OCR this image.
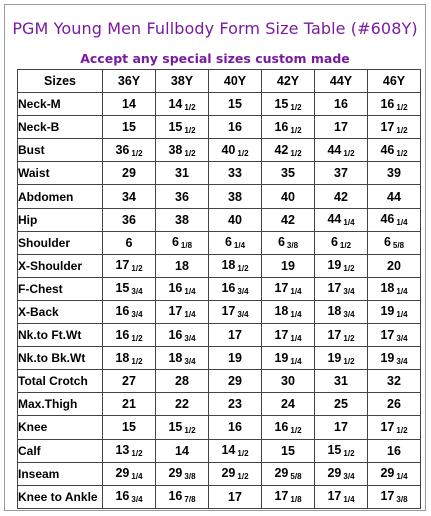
PGM Young Men Fullbody Form Size Table (#608Y)
Accept any special sizes custom made
Sizes	36Y	38Y	40Y	42Y	44Y	46Y
Neck-M	14	14 1/2	15	15 1/2	16	16 1/2
Neck-B	15	15 1/2	16	16 1/2	17	17 1/2
Bust	36 1/2	38 1/2	40 1/2	42 1/2	44 1/2	46 1/2
Waist	29	31	33	35	37	39
Abdomen	34	36	38	40	42	44
Hip	36	38	40	42	44 1/4	46 1/4
Shoulder	6	6 1/8	6 1/4	6 3/8	6 1/2	6 5/8
X-Shoulder	17 1/2	18	18 1/2	19	19 1/2	20
F-Chest	15 3/4	16 1/4	16 3/4	17 1/4	17 3/4	18 1/4
X-Back	16 3/4	17 1/4	17 3/4	18 1/4	18 3/4	19 1/4
Nk.to Ft.Wt	16 1/2	16 3/4	17	17 1/4	17 1/2	17 3/4
Nk.to Bk.Wt	18 1/2	18 3/4	19	19 1/4	19 1/2	19 3/4
Total Crotch	27	28	29	30	31	32
Max.Thigh	21	22	23	24	25	26
Knee	15	15 1/2	16	16 1/2	17	17 1/2
Calf	13 1/2	14	14 1/2	15	15 1/2	16
Inseam	29 1/4	29 3/8	29 1/2	29 5/8	29 3/4	29 1/4
Knee to Ankle	16 3/4	16 7/8	17	17 1/8	17 1/4	17 3/8
